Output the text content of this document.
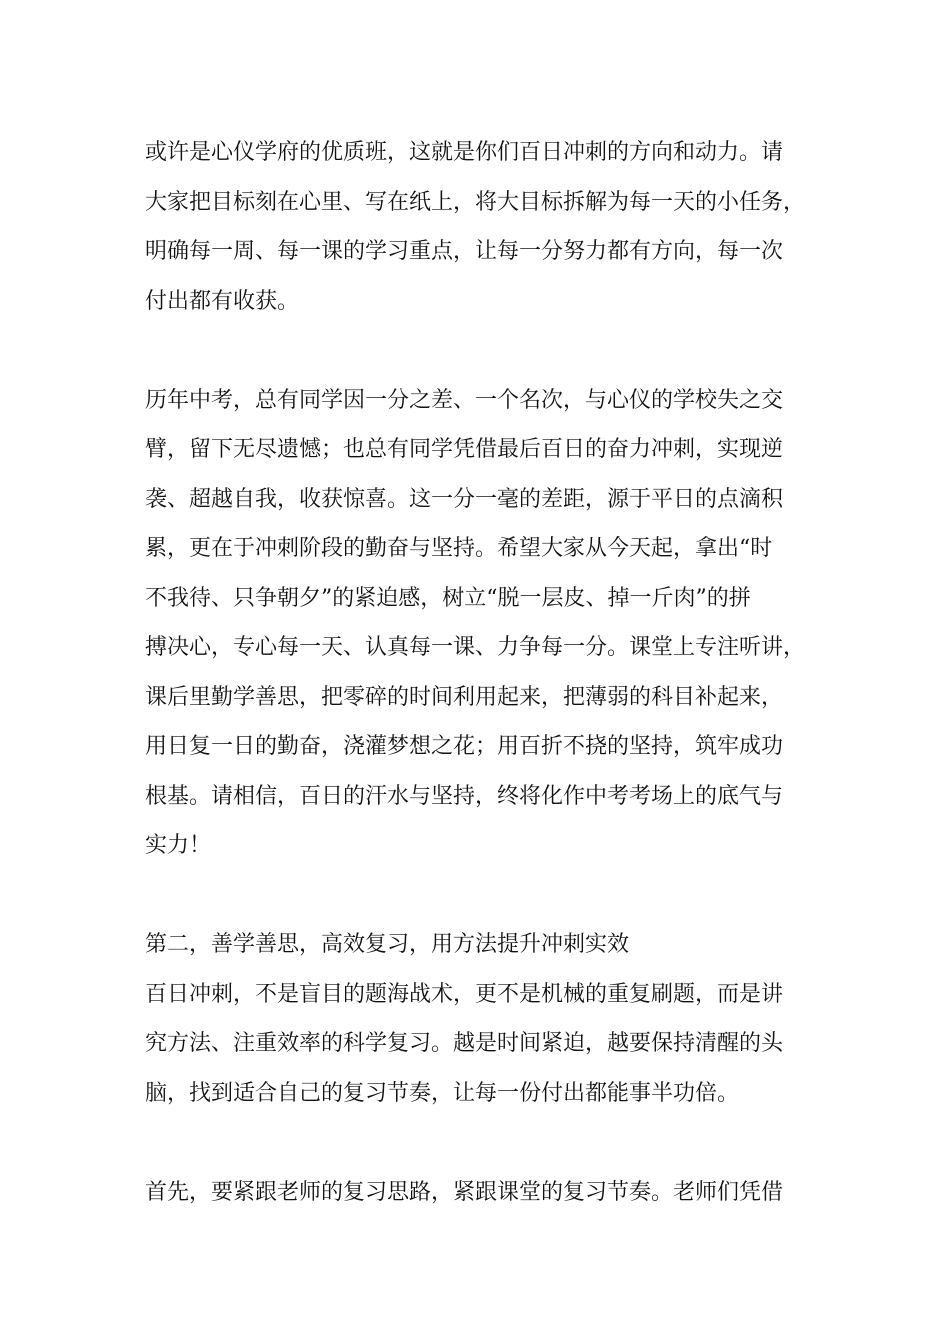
或许是心仪学府的优质班，这就是你们百日冲刺的方向和动力。请
大家把目标刻在心里、写在纸上，将大目标拆解为每一天的小任务，
明确每一周、每一课的学习重点，让每一分努力都有方向，每一次
付出都有收获。
历年中考，总有同学因一分之差、一个名次，与心仪的学校失之交
臂，留下无尽遗憾；也总有同学凭借最后百日的奋力冲刺，实现逆
袭、超越自我，收获惊喜。这一分一毫的差距，源于平日的点滴积
累，更在于冲刺阶段的勤奋与坚持。希望大家从今天起，拿出“时
不我待、只争朝夕”的紧迫感，树立“脱一层皮、掉一斤肉”的拼
搏决心，专心每一天、认真每一课、力争每一分。课堂上专注听讲，
课后里勤学善思，把零碎的时间利用起来，把薄弱的科目补起来，
用日复一日的勤奋，浇灌梦想之花；用百折不挠的坚持，筑牢成功
根基。请相信，百日的汗水与坚持，终将化作中考考场上的底气与
实力！
第二，善学善思，高效复习，用方法提升冲刺实效
百日冲刺，不是盲目的题海战术，更不是机械的重复刷题，而是讲
究方法、注重效率的科学复习。越是时间紧迫，越要保持清醒的头
脑，找到适合自己的复习节奏，让每一份付出都能事半功倍。
首先，要紧跟老师的复习思路，紧跟课堂的复习节奏。老师们凭借
